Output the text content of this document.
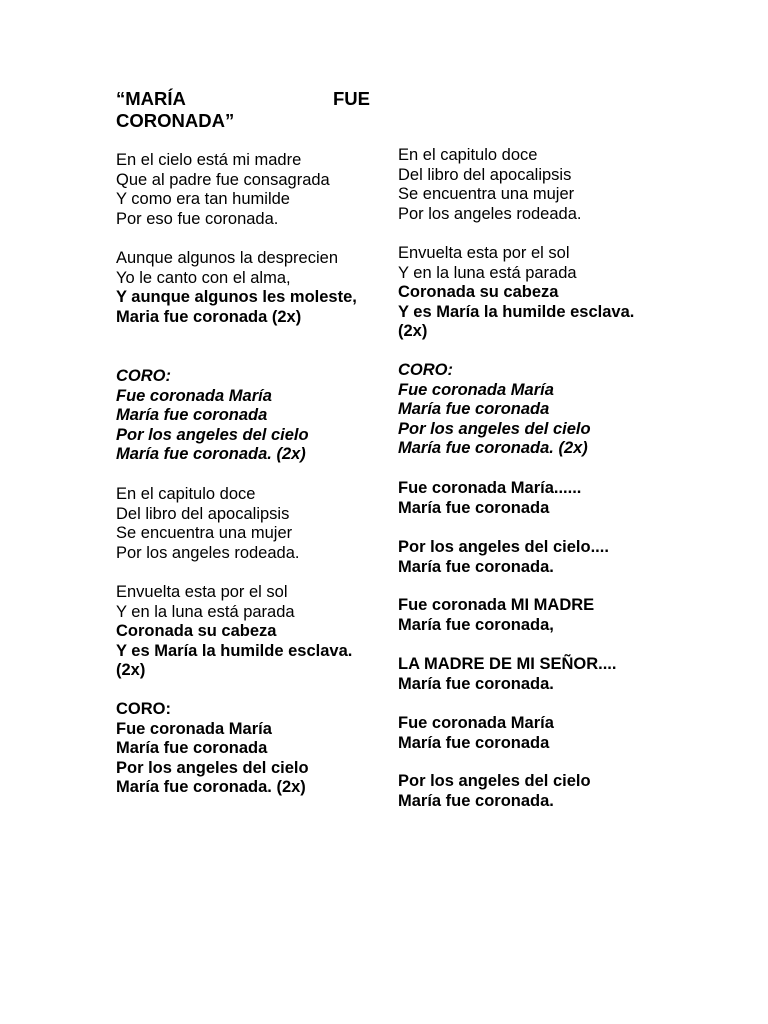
“MARÍA	FUE
CORONADA”
En el cielo está mi madre
Que al padre fue consagrada
Y como era tan humilde
Por eso fue coronada.
Aunque algunos la desprecien
Yo le canto con el alma,
Y aunque algunos les moleste,
Maria fue coronada (2x)
CORO:
Fue coronada María
María fue coronada
Por los angeles del cielo
María fue coronada. (2x)
En el capitulo doce
Del libro del apocalipsis
Se encuentra una mujer
Por los angeles rodeada.
Envuelta esta por el sol
Y en la luna está parada
Coronada su cabeza
Y es María la humilde esclava. (2x)
CORO:
Fue coronada María
María fue coronada
Por los angeles del cielo
María fue coronada. (2x)
En el capitulo doce
Del libro del apocalipsis
Se encuentra una mujer
Por los angeles rodeada.
Envuelta esta por el sol
Y en la luna está parada
Coronada su cabeza
Y es María la humilde esclava. (2x)
CORO:
Fue coronada María
María fue coronada
Por los angeles del cielo
María fue coronada. (2x)
Fue coronada María......
María fue coronada
Por los angeles del cielo....
María fue coronada.
Fue coronada MI MADRE
María fue coronada,
LA MADRE DE MI SEÑOR....
María fue coronada.
Fue coronada María
María fue coronada
Por los angeles del cielo
María fue coronada.
